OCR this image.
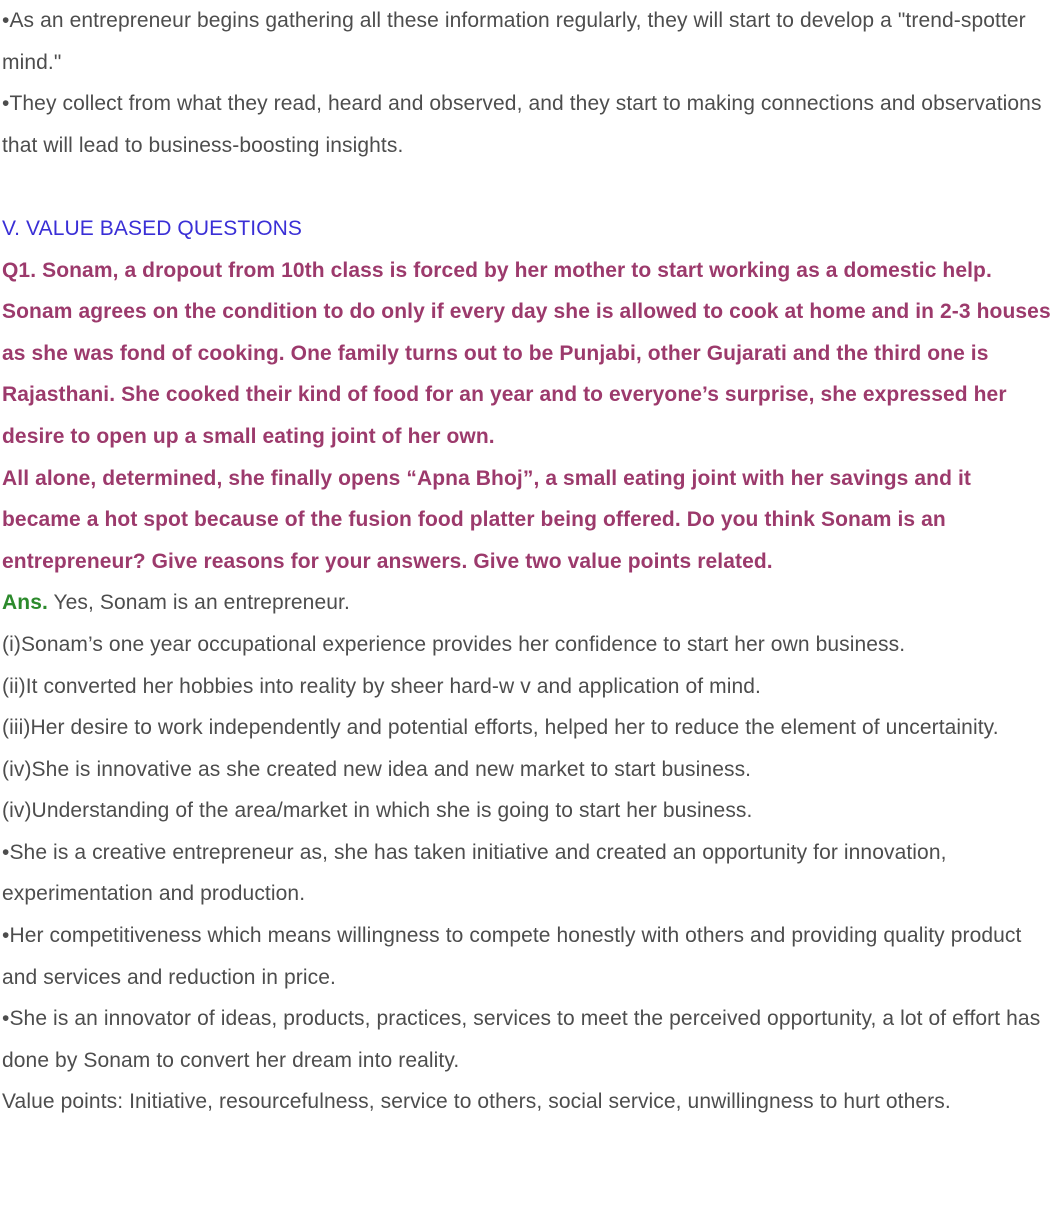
•As an entrepreneur begins gathering all these information regularly, they will start to develop a "trend-spotter mind."

•They collect from what they read, heard and observed, and they start to making connections and observations that will lead to business-boosting insights.

V. VALUE BASED QUESTIONS

Q1. Sonam, a dropout from 10th class is forced by her mother to start working as a domestic help. Sonam agrees on the condition to do only if every day she is allowed to cook at home and in 2-3 houses as she was fond of cooking. One family turns out to be Punjabi, other Gujarati and the third one is Rajasthani. She cooked their kind of food for an year and to everyone’s surprise, she expressed her desire to open up a small eating joint of her own.

All alone, determined, she finally opens “Apna Bhoj”, a small eating joint with her savings and it became a hot spot because of the fusion food platter being offered. Do you think Sonam is an entrepreneur? Give reasons for your answers. Give two value points related.

Ans. Yes, Sonam is an entrepreneur.

(i)Sonam’s one year occupational experience provides her confidence to start her own business.

(ii)It converted her hobbies into reality by sheer hard-w v and application of mind.

(iii)Her desire to work independently and potential efforts, helped her to reduce the element of uncertainity.

(iv)She is innovative as she created new idea and new market to start business.

(iv)Understanding of the area/market in which she is going to start her business.

•She is a creative entrepreneur as, she has taken initiative and created an opportunity for innovation, experimentation and production.

•Her competitiveness which means willingness to compete honestly with others and providing quality product and services and reduction in price.

•She is an innovator of ideas, products, practices, services to meet the perceived opportunity, a lot of effort has done by Sonam to convert her dream into reality.

Value points: Initiative, resourcefulness, service to others, social service, unwillingness to hurt others.
